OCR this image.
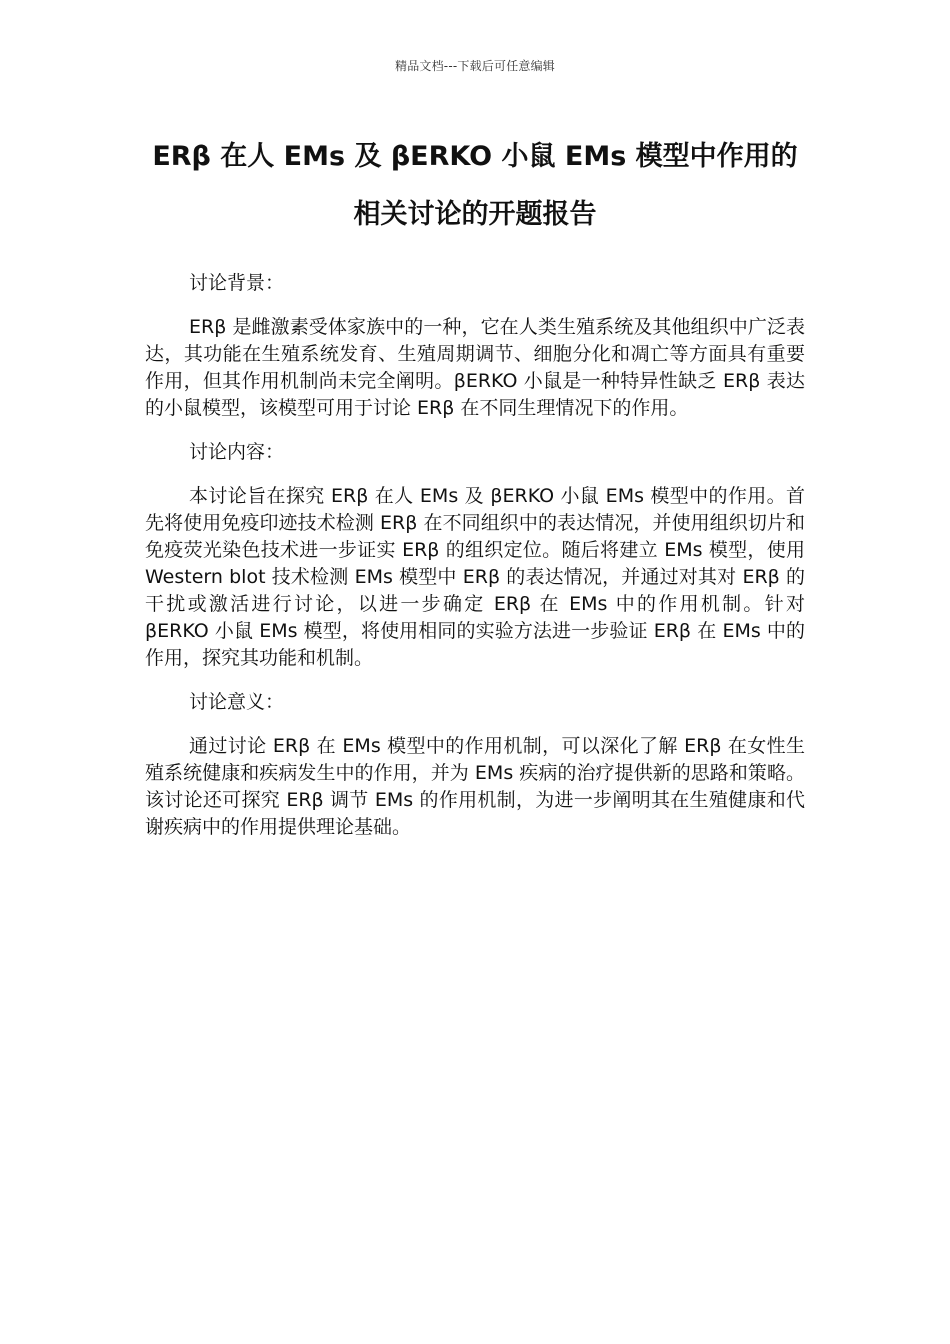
精品文档---下载后可任意编辑
ERβ 在人 EMs 及 βERKO 小鼠 EMs 模型中作用的相关讨论的开题报告

讨论背景：

ERβ 是雌激素受体家族中的一种，它在人类生殖系统及其他组织中广泛表达，其功能在生殖系统发育、生殖周期调节、细胞分化和凋亡等方面具有重要作用，但其作用机制尚未完全阐明。βERKO 小鼠是一种特异性缺乏 ERβ 表达的小鼠模型，该模型可用于讨论 ERβ 在不同生理情况下的作用。

讨论内容：

本讨论旨在探究 ERβ 在人 EMs 及 βERKO 小鼠 EMs 模型中的作用。首先将使用免疫印迹技术检测 ERβ 在不同组织中的表达情况，并使用组织切片和免疫荧光染色技术进一步证实 ERβ 的组织定位。随后将建立 EMs 模型，使用 Western blot 技术检测 EMs 模型中 ERβ 的表达情况，并通过对其对 ERβ 的干扰或激活进行讨论，以进一步确定 ERβ 在 EMs 中的作用机制。针对 βERKO 小鼠 EMs 模型，将使用相同的实验方法进一步验证 ERβ 在 EMs 中的作用，探究其功能和机制。

讨论意义：

通过讨论 ERβ 在 EMs 模型中的作用机制，可以深化了解 ERβ 在女性生殖系统健康和疾病发生中的作用，并为 EMs 疾病的治疗提供新的思路和策略。该讨论还可探究 ERβ 调节 EMs 的作用机制，为进一步阐明其在生殖健康和代谢疾病中的作用提供理论基础。
